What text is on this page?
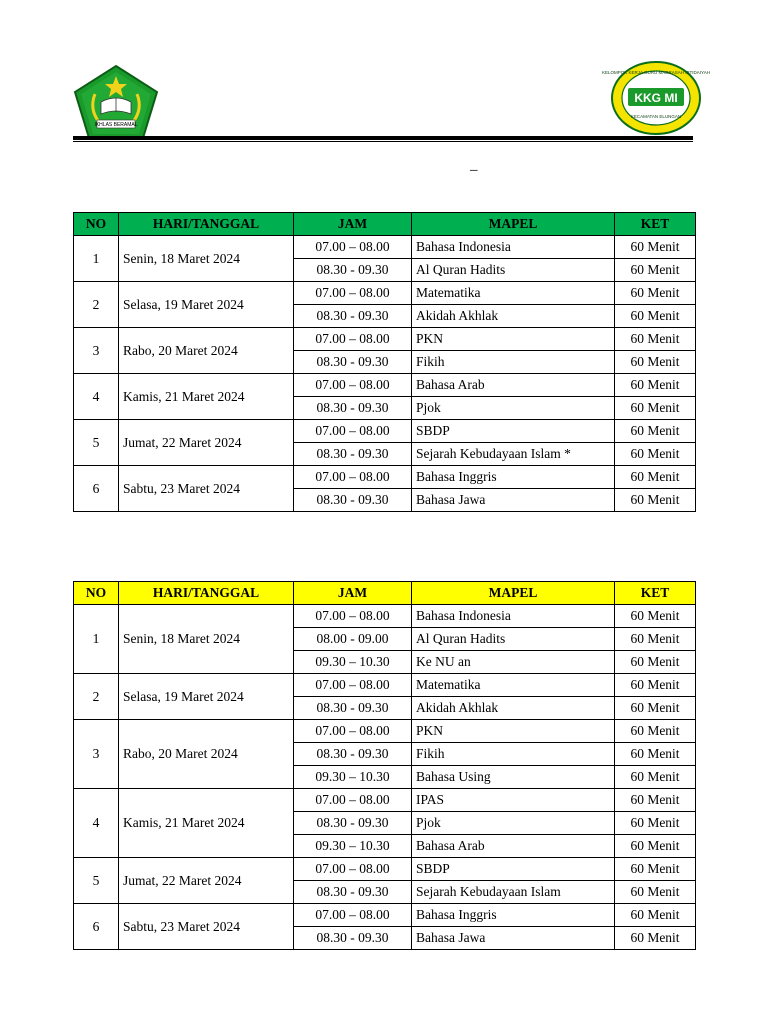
IKHLAS BERAMAL
KKG MI
KELOMPOK KERJA GURU MADRASAH IBTIDAIYAH
KECAMATAN ELUNGAN
–
NO	HARI/TANGGAL	JAM	MAPEL	KET
1	Senin, 18 Maret 2024	07.00 – 08.00	Bahasa Indonesia	60 Menit
		08.30 - 09.30	Al Quran Hadits	60 Menit
2	Selasa, 19 Maret 2024	07.00 – 08.00	Matematika	60 Menit
		08.30 - 09.30	Akidah Akhlak	60 Menit
3	Rabo, 20 Maret 2024	07.00 – 08.00	PKN	60 Menit
		08.30 - 09.30	Fikih	60 Menit
4	Kamis, 21 Maret 2024	07.00 – 08.00	Bahasa Arab	60 Menit
		08.30 - 09.30	Pjok	60 Menit
5	Jumat, 22 Maret 2024	07.00 – 08.00	SBDP	60 Menit
		08.30 - 09.30	Sejarah Kebudayaan Islam *	60 Menit
6	Sabtu, 23 Maret 2024	07.00 – 08.00	Bahasa Inggris	60 Menit
		08.30 - 09.30	Bahasa Jawa	60 Menit
NO	HARI/TANGGAL	JAM	MAPEL	KET
1	Senin, 18 Maret 2024	07.00 – 08.00	Bahasa Indonesia	60 Menit
		08.00 - 09.00	Al Quran Hadits	60 Menit
		09.30 – 10.30	Ke NU an	60 Menit
2	Selasa, 19 Maret 2024	07.00 – 08.00	Matematika	60 Menit
		08.30 - 09.30	Akidah Akhlak	60 Menit
3	Rabo, 20 Maret 2024	07.00 – 08.00	PKN	60 Menit
		08.30 - 09.30	Fikih	60 Menit
		09.30 – 10.30	Bahasa Using	60 Menit
4	Kamis, 21 Maret 2024	07.00 – 08.00	IPAS	60 Menit
		08.30 - 09.30	Pjok	60 Menit
		09.30 – 10.30	Bahasa Arab	60 Menit
5	Jumat, 22 Maret 2024	07.00 – 08.00	SBDP	60 Menit
		08.30 - 09.30	Sejarah Kebudayaan Islam	60 Menit
6	Sabtu, 23 Maret 2024	07.00 – 08.00	Bahasa Inggris	60 Menit
		08.30 - 09.30	Bahasa Jawa	60 Menit
